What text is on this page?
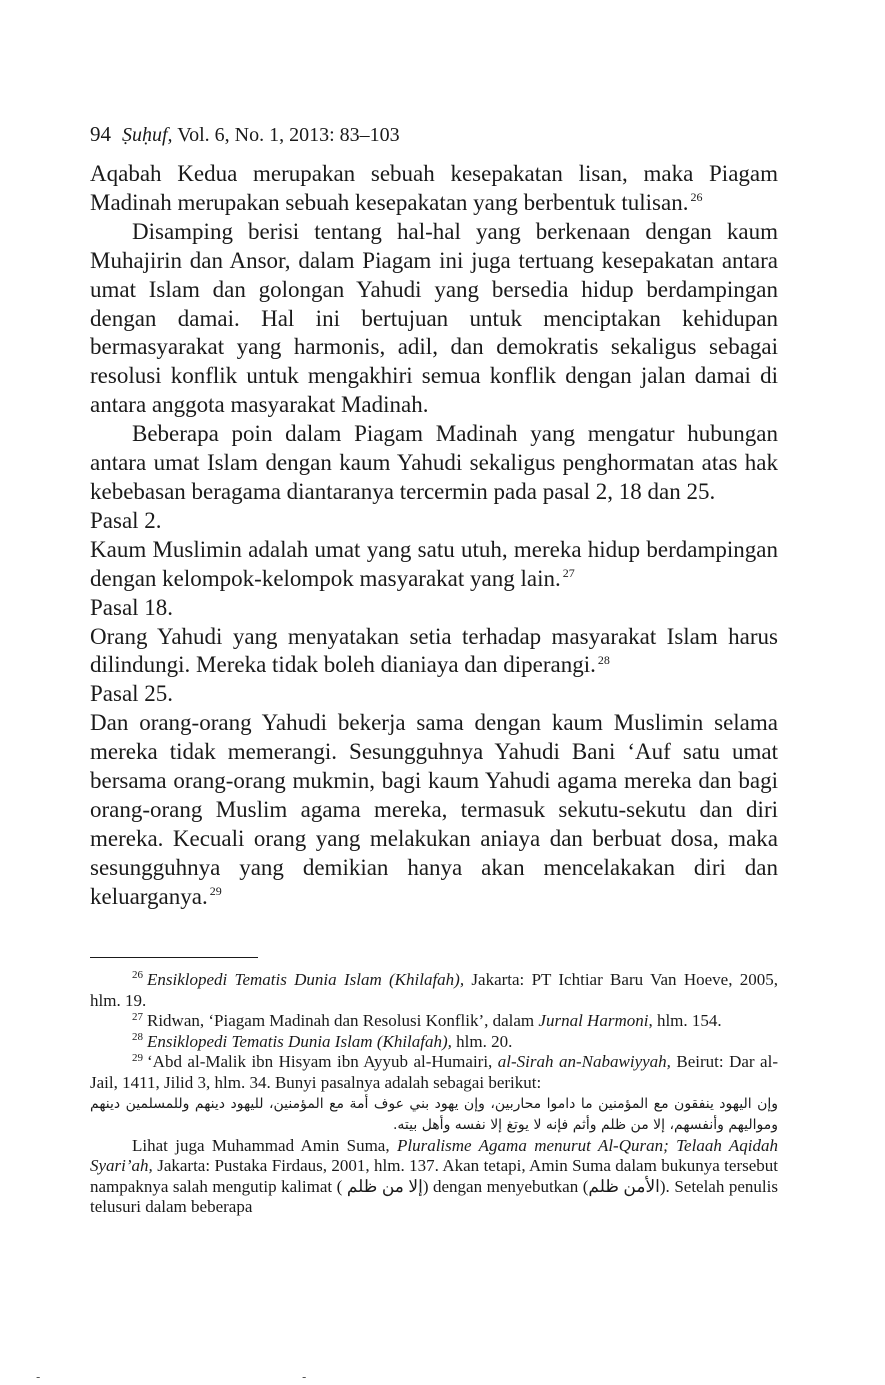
94 Ṣuḥuf, Vol. 6, No. 1, 2013: 83–103

Aqabah Kedua merupakan sebuah kesepakatan lisan, maka Piagam Madinah merupakan sebuah kesepakatan yang berbentuk tulisan. $^{26}$

Disamping berisi tentang hal-hal yang berkenaan dengan kaum Muhajirin dan Ansor, dalam Piagam ini juga tertuang kesepakatan antara umat Islam dan golongan Yahudi yang bersedia hidup berdampingan dengan damai. Hal ini bertujuan untuk menciptakan kehidupan bermasyarakat yang harmonis, adil, dan demokratis sekaligus sebagai resolusi konflik untuk mengakhiri semua konflik dengan jalan damai di antara anggota masyarakat Madinah.

Beberapa poin dalam Piagam Madinah yang mengatur hubungan antara umat Islam dengan kaum Yahudi sekaligus penghormatan atas hak kebebasan beragama diantaranya tercermin pada pasal 2, 18 dan 25.

Pasal 2.

Kaum Muslimin adalah umat yang satu utuh, mereka hidup berdampingan dengan kelompok-kelompok masyarakat yang lain. $^{27}$

Pasal 18.

Orang Yahudi yang menyatakan setia terhadap masyarakat Islam harus dilindungi. Mereka tidak boleh dianiaya dan diperangi. $^{28}$

Pasal 25.

Dan orang-orang Yahudi bekerja sama dengan kaum Muslimin selama mereka tidak memerangi. Sesungguhnya Yahudi Bani ‘Auf satu umat bersama orang-orang mukmin, bagi kaum Yahudi agama mereka dan bagi orang-orang Muslim agama mereka, termasuk sekutu-sekutu dan diri mereka. Kecuali orang yang melakukan aniaya dan berbuat dosa, maka sesungguhnya yang demikian hanya akan mencelakakan diri dan keluarganya. $^{29}$

$^{26}$ Ensiklopedi Tematis Dunia Islam (Khilafah), Jakarta: PT Ichtiar Baru Van Hoeve, 2005, hlm. 19.

$^{27}$ Ridwan, ‘Piagam Madinah dan Resolusi Konflik’, dalam Jurnal Harmoni, hlm. 154.

$^{28}$ Ensiklopedi Tematis Dunia Islam (Khilafah), hlm. 20.

$^{29}$ ‘Abd al-Malik ibn Hisyam ibn Ayyub al-Humairi, al-Sirah an-Nabawiyyah, Beirut: Dar al-Jail, 1411, Jilid 3, hlm. 34. Bunyi pasalnya adalah sebagai berikut:

وإن اليهود ينفقون مع المؤمنين ما داموا محاربين، وإن يهود بني عوف أمة مع المؤمنين، لليهود دينهم وللمسلمين دينهم ومواليهم وأنفسهم، إلا من ظلم وأثم فإنه لا يوتغ إلا نفسه وأهل بيته.

Lihat juga Muhammad Amin Suma, Pluralisme Agama menurut Al-Quran; Telaah Aqidah Syari’ah, Jakarta: Pustaka Firdaus, 2001, hlm. 137. Akan tetapi, Amin Suma dalam bukunya tersebut nampaknya salah mengutip kalimat ( إلا من ظلم) dengan menyebutkan (الأمن ظلم). Setelah penulis telusuri dalam beberapa

-	-
